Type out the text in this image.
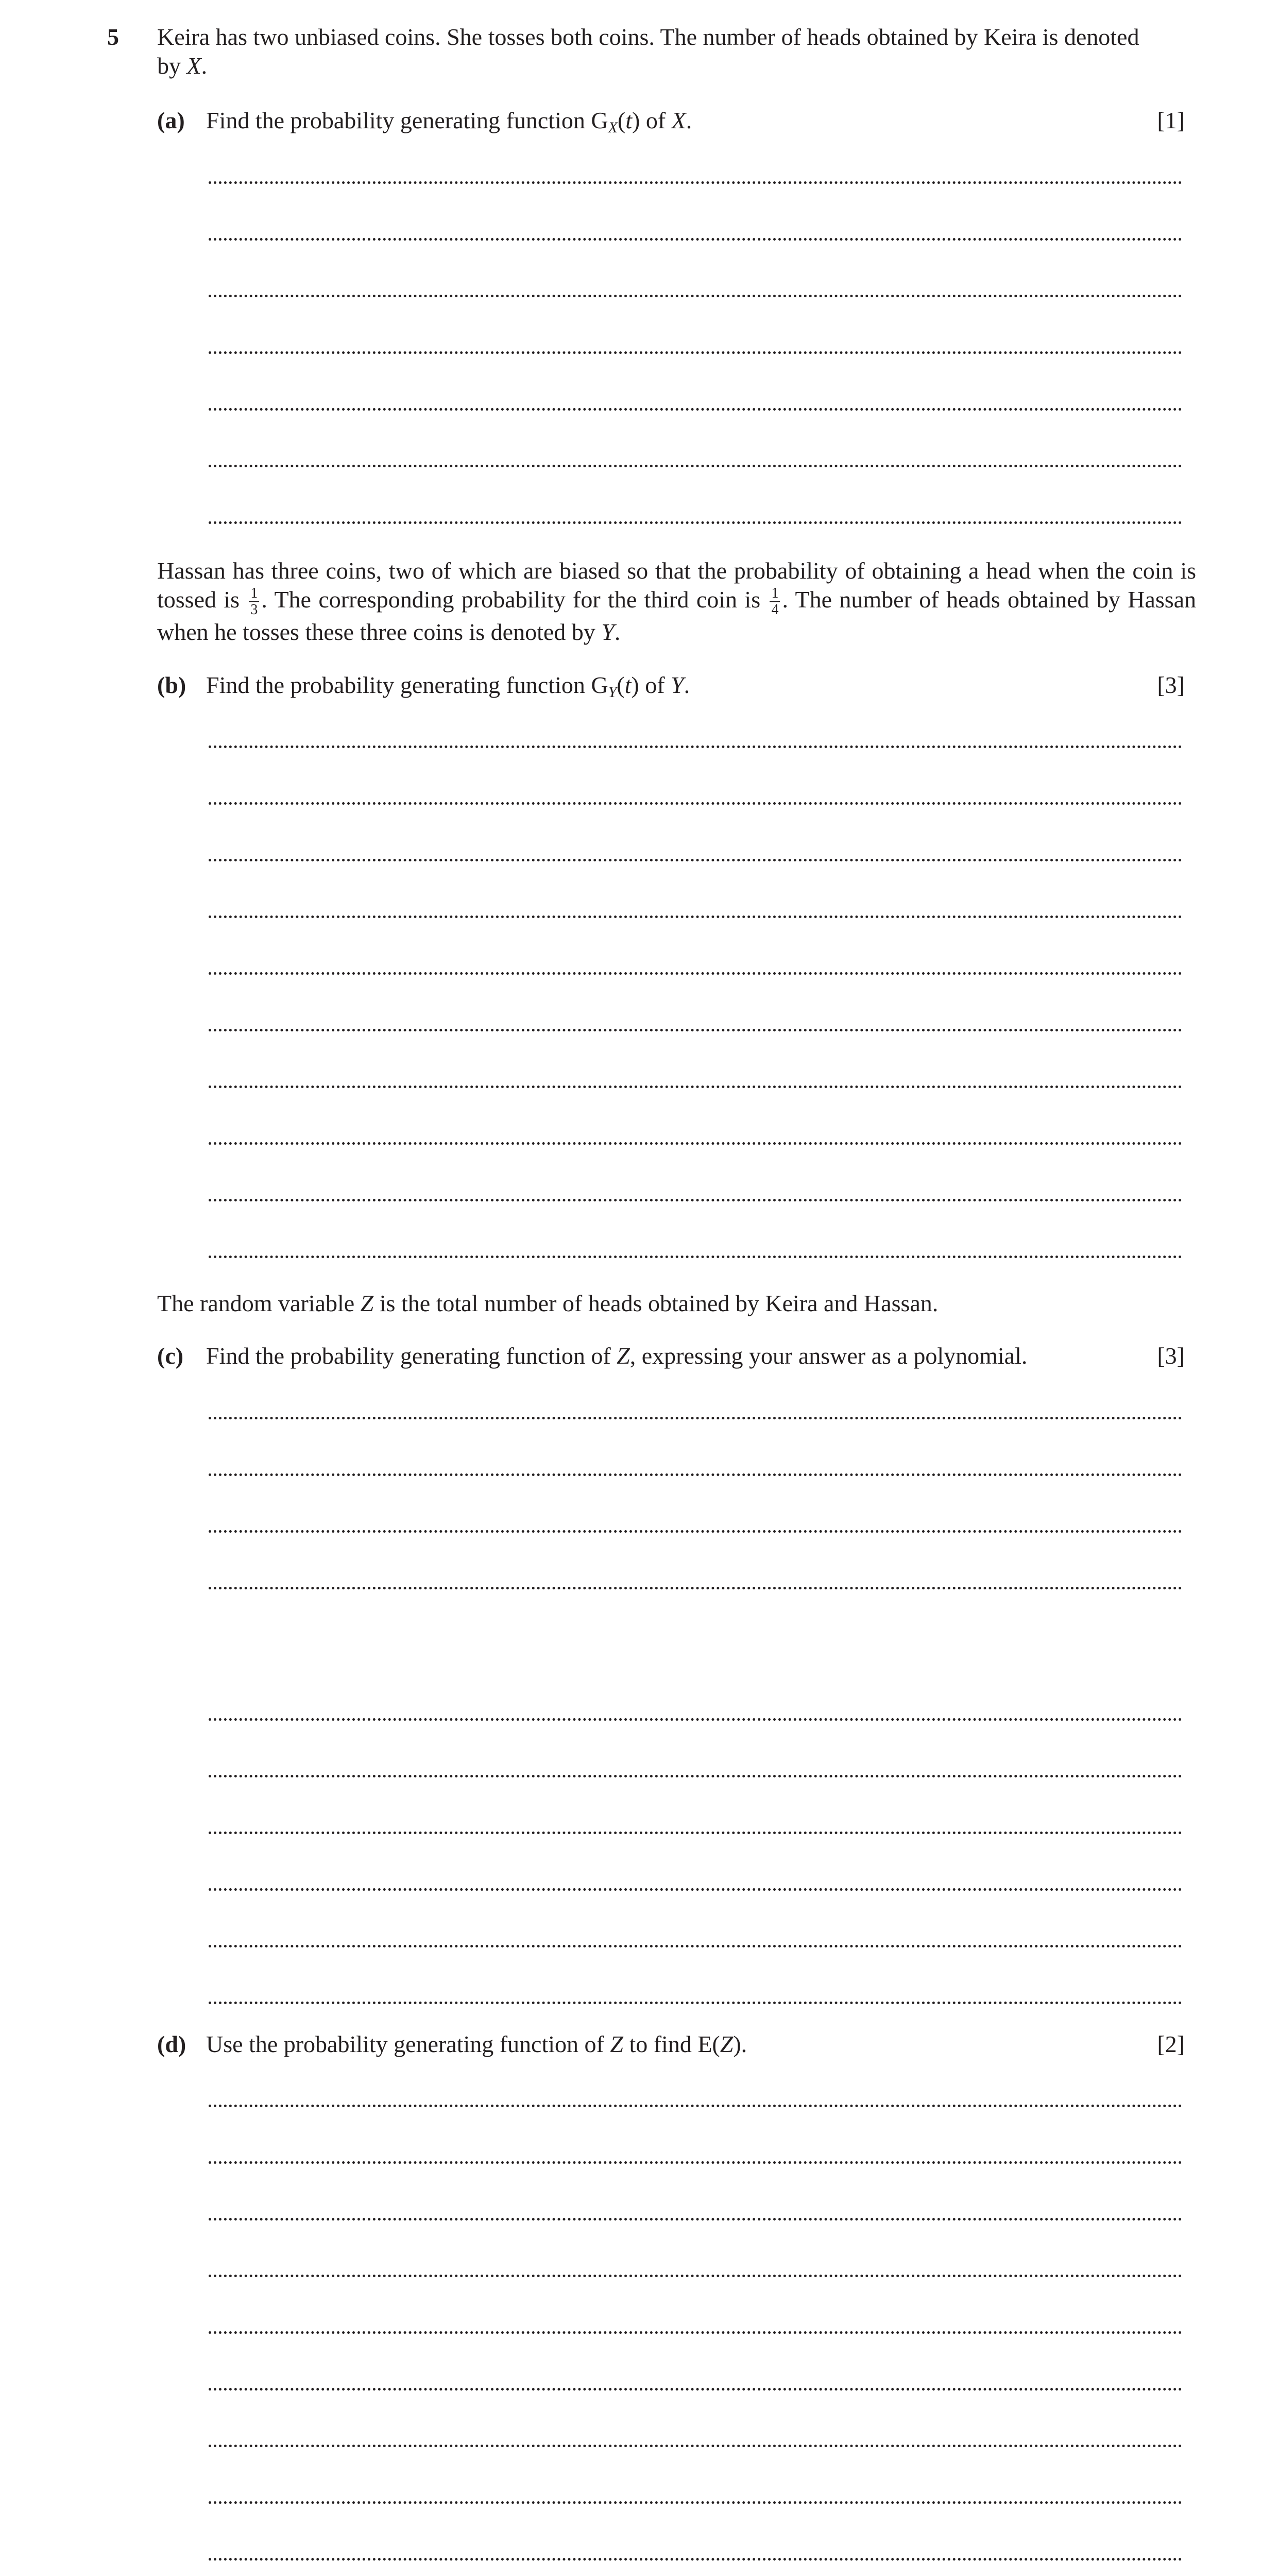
5 Keira has two unbiased coins. She tosses both coins. The number of heads obtained by Keira is denoted
by X.
(a) Find the probability generating function $G_X(t)$ of X.	[1]
Hassan has three coins, two of which are biased so that the probability of obtaining a head when the coin is tossed is $\frac{1}{3}$ . The corresponding probability for the third coin is $\frac{1}{4}$ . The number of heads obtained by Hassan when he tosses these three coins is denoted by Y.
(b) Find the probability generating function $G_Y(t)$ of Y.	[3]
The random variable Z is the total number of heads obtained by Keira and Hassan.
(c) Find the probability generating function of Z, expressing your answer as a polynomial.	[3]
(d) Use the probability generating function of Z to find E(Z).	[2]
